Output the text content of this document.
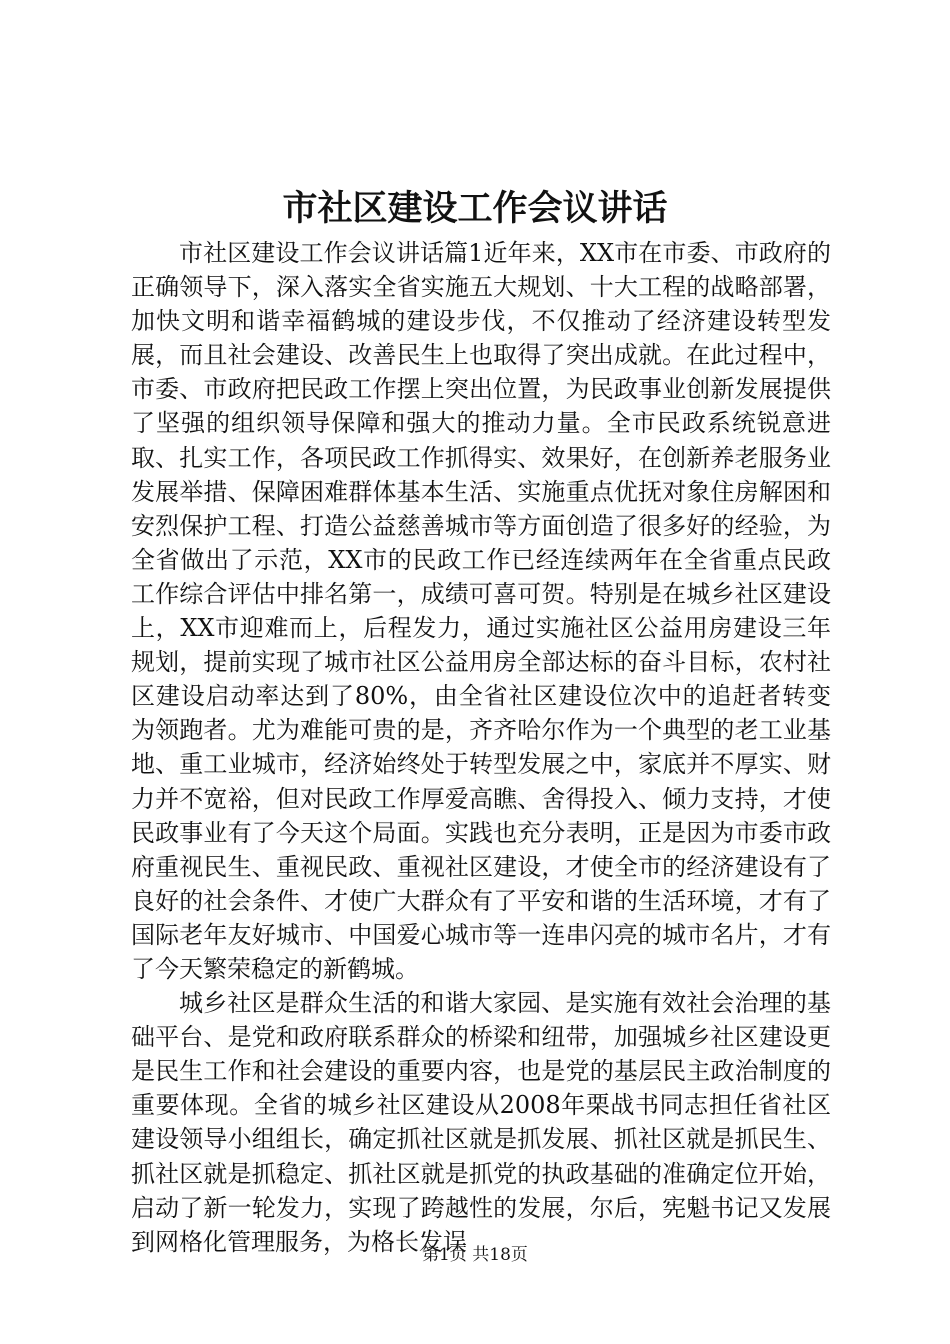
市社区建设工作会议讲话

市社区建设工作会议讲话篇1近年来，XX市在市委、市政府的正确领导下，深入落实全省实施五大规划、十大工程的战略部署，加快文明和谐幸福鹤城的建设步伐，不仅推动了经济建设转型发展，而且社会建设、改善民生上也取得了突出成就。在此过程中，市委、市政府把民政工作摆上突出位置，为民政事业创新发展提供了坚强的组织领导保障和强大的推动力量。全市民政系统锐意进取、扎实工作，各项民政工作抓得实、效果好，在创新养老服务业发展举措、保障困难群体基本生活、实施重点优抚对象住房解困和安烈保护工程、打造公益慈善城市等方面创造了很多好的经验，为全省做出了示范，XX市的民政工作已经连续两年在全省重点民政工作综合评估中排名第一，成绩可喜可贺。特别是在城乡社区建设上，XX市迎难而上，后程发力，通过实施社区公益用房建设三年规划，提前实现了城市社区公益用房全部达标的奋斗目标，农村社区建设启动率达到了80%，由全省社区建设位次中的追赶者转变为领跑者。尤为难能可贵的是，齐齐哈尔作为一个典型的老工业基地、重工业城市，经济始终处于转型发展之中，家底并不厚实、财力并不宽裕，但对民政工作厚爱高瞧、舍得投入、倾力支持，才使民政事业有了今天这个局面。实践也充分表明，正是因为市委市政府重视民生、重视民政、重视社区建设，才使全市的经济建设有了良好的社会条件、才使广大群众有了平安和谐的生活环境，才有了国际老年友好城市、中国爱心城市等一连串闪亮的城市名片，才有了今天繁荣稳定的新鹤城。

城乡社区是群众生活的和谐大家园、是实施有效社会治理的基础平台、是党和政府联系群众的桥梁和纽带，加强城乡社区建设更是民生工作和社会建设的重要内容，也是党的基层民主政治制度的重要体现。全省的城乡社区建设从2008年栗战书同志担任省社区建设领导小组组长，确定抓社区就是抓发展、抓社区就是抓民生、抓社区就是抓稳定、抓社区就是抓党的执政基础的准确定位开始，启动了新一轮发力，实现了跨越性的发展，尔后，宪魁书记又发展到网格化管理服务，为格长发误

第1页 共18页
